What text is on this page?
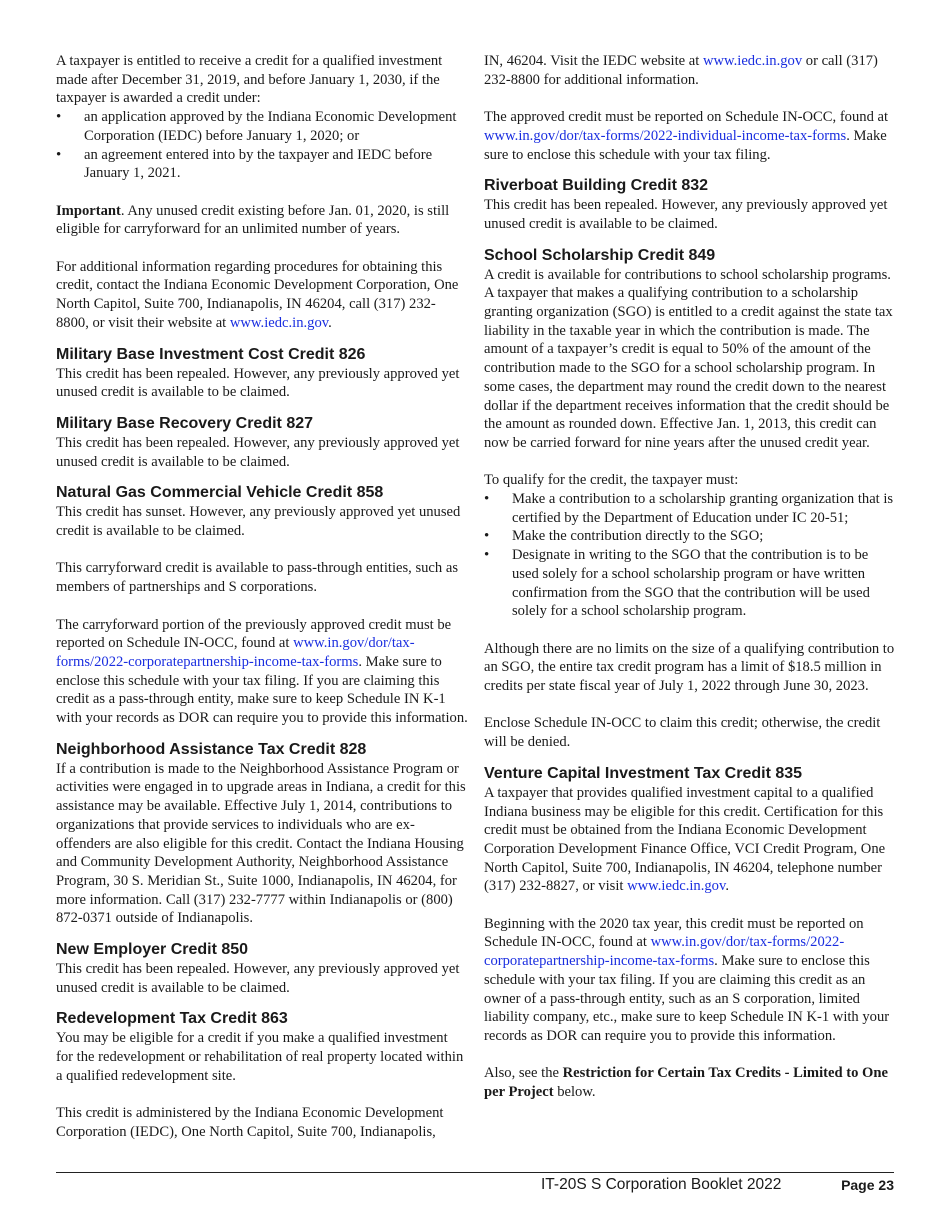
A taxpayer is entitled to receive a credit for a qualified investment made after December 31, 2019, and before January 1, 2030, if the taxpayer is awarded a credit under:

• an application approved by the Indiana Economic Development Corporation (IEDC) before January 1, 2020; or
• an agreement entered into by the taxpayer and IEDC before January 1, 2021.

Important. Any unused credit existing before Jan. 01, 2020, is still eligible for carryforward for an unlimited number of years.

For additional information regarding procedures for obtaining this credit, contact the Indiana Economic Development Corporation, One North Capitol, Suite 700, Indianapolis, IN 46204, call (317) 232-8800, or visit their website at www.iedc.in.gov.

Military Base Investment Cost Credit 826

This credit has been repealed. However, any previously approved yet unused credit is available to be claimed.

Military Base Recovery Credit 827

This credit has been repealed. However, any previously approved yet unused credit is available to be claimed.

Natural Gas Commercial Vehicle Credit 858

This credit has sunset. However, any previously approved yet unused credit is available to be claimed.

This carryforward credit is available to pass-through entities, such as members of partnerships and S corporations.

The carryforward portion of the previously approved credit must be reported on Schedule IN-OCC, found at www.in.gov/dor/tax-forms/2022-corporatepartnership-income-tax-forms. Make sure to enclose this schedule with your tax filing. If you are claiming this credit as a pass-through entity, make sure to keep Schedule IN K-1 with your records as DOR can require you to provide this information.

Neighborhood Assistance Tax Credit 828

If a contribution is made to the Neighborhood Assistance Program or activities were engaged in to upgrade areas in Indiana, a credit for this assistance may be available. Effective July 1, 2014, contributions to organizations that provide services to individuals who are ex-offenders are also eligible for this credit. Contact the Indiana Housing and Community Development Authority, Neighborhood Assistance Program, 30 S. Meridian St., Suite 1000, Indianapolis, IN 46204, for more information. Call (317) 232-7777 within Indianapolis or (800) 872-0371 outside of Indianapolis.

New Employer Credit 850

This credit has been repealed. However, any previously approved yet unused credit is available to be claimed.

Redevelopment Tax Credit 863

You may be eligible for a credit if you make a qualified investment for the redevelopment or rehabilitation of real property located within a qualified redevelopment site.

This credit is administered by the Indiana Economic Development Corporation (IEDC), One North Capitol, Suite 700, Indianapolis,

IN, 46204. Visit the IEDC website at www.iedc.in.gov or call (317) 232-8800 for additional information.

The approved credit must be reported on Schedule IN-OCC, found at www.in.gov/dor/tax-forms/2022-individual-income-tax-forms. Make sure to enclose this schedule with your tax filing.

Riverboat Building Credit 832

This credit has been repealed. However, any previously approved yet unused credit is available to be claimed.

School Scholarship Credit 849

A credit is available for contributions to school scholarship programs. A taxpayer that makes a qualifying contribution to a scholarship granting organization (SGO) is entitled to a credit against the state tax liability in the taxable year in which the contribution is made. The amount of a taxpayer’s credit is equal to 50% of the amount of the contribution made to the SGO for a school scholarship program. In some cases, the department may round the credit down to the nearest dollar if the department receives information that the credit should be the amount as rounded down. Effective Jan. 1, 2013, this credit can now be carried forward for nine years after the unused credit year.

To qualify for the credit, the taxpayer must:

• Make a contribution to a scholarship granting organization that is certified by the Department of Education under IC 20-51;
• Make the contribution directly to the SGO;
• Designate in writing to the SGO that the contribution is to be used solely for a school scholarship program or have written confirmation from the SGO that the contribution will be used solely for a school scholarship program.

Although there are no limits on the size of a qualifying contribution to an SGO, the entire tax credit program has a limit of $18.5 million in credits per state fiscal year of July 1, 2022 through June 30, 2023.

Enclose Schedule IN-OCC to claim this credit; otherwise, the credit will be denied.

Venture Capital Investment Tax Credit 835

A taxpayer that provides qualified investment capital to a qualified Indiana business may be eligible for this credit. Certification for this credit must be obtained from the Indiana Economic Development Corporation Development Finance Office, VCI Credit Program, One North Capitol, Suite 700, Indianapolis, IN 46204, telephone number (317) 232-8827, or visit www.iedc.in.gov.

Beginning with the 2020 tax year, this credit must be reported on Schedule IN-OCC, found at www.in.gov/dor/tax-forms/2022-corporatepartnership-income-tax-forms. Make sure to enclose this schedule with your tax filing. If you are claiming this credit as an owner of a pass-through entity, such as an S corporation, limited liability company, etc., make sure to keep Schedule IN K-1 with your records as DOR can require you to provide this information.

Also, see the Restriction for Certain Tax Credits - Limited to One per Project below.

IT-20S S Corporation Booklet 2022	Page 23
